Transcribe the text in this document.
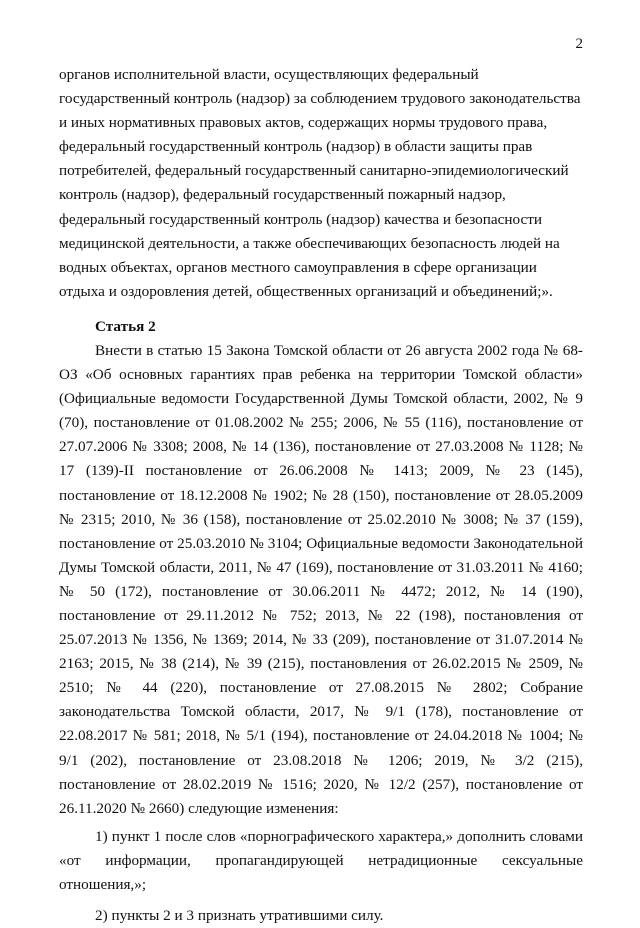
2

органов исполнительной власти, осуществляющих федеральный государственный контроль (надзор) за соблюдением трудового законодательства и иных нормативных правовых актов, содержащих нормы трудового права, федеральный государственный контроль (надзор) в области защиты прав потребителей, федеральный государственный санитарно-эпидемиологический контроль (надзор), федеральный государственный пожарный надзор, федеральный государственный контроль (надзор) качества и безопасности медицинской деятельности, а также обеспечивающих безопасность людей на водных объектах, органов местного самоуправления в сфере организации отдыха и оздоровления детей, общественных организаций и объединений;».

Статья 2

Внести в статью 15 Закона Томской области от 26 августа 2002 года № 68-ОЗ «Об основных гарантиях прав ребенка на территории Томской области» (Официальные ведомости Государственной Думы Томской области, 2002, № 9 (70), постановление от 01.08.2002 № 255; 2006, № 55 (116), постановление от 27.07.2006 № 3308; 2008, № 14 (136), постановление от 27.03.2008 № 1128; № 17 (139)-II постановление от 26.06.2008 № 1413; 2009, № 23 (145), постановление от 18.12.2008 № 1902; № 28 (150), постановление от 28.05.2009 № 2315; 2010, № 36 (158), постановление от 25.02.2010 № 3008; № 37 (159), постановление от 25.03.2010 № 3104; Официальные ведомости Законодательной Думы Томской области, 2011, № 47 (169), постановление от 31.03.2011 № 4160; № 50 (172), постановление от 30.06.2011 № 4472; 2012, № 14 (190), постановление от 29.11.2012 № 752; 2013, № 22 (198), постановления от 25.07.2013 № 1356, № 1369; 2014, № 33 (209), постановление от 31.07.2014 № 2163; 2015, № 38 (214), № 39 (215), постановления от 26.02.2015 № 2509, № 2510; № 44 (220), постановление от 27.08.2015 № 2802; Собрание законодательства Томской области, 2017, № 9/1 (178), постановление от 22.08.2017 № 581; 2018, № 5/1 (194), постановление от 24.04.2018 № 1004; № 9/1 (202), постановление от 23.08.2018 № 1206; 2019, № 3/2 (215), постановление от 28.02.2019 № 1516; 2020, № 12/2 (257), постановление от 26.11.2020 № 2660) следующие изменения:

1) пункт 1 после слов «порнографического характера,» дополнить словами «от информации, пропагандирующей нетрадиционные сексуальные отношения,»;
2) пункты 2 и 3 признать утратившими силу.
